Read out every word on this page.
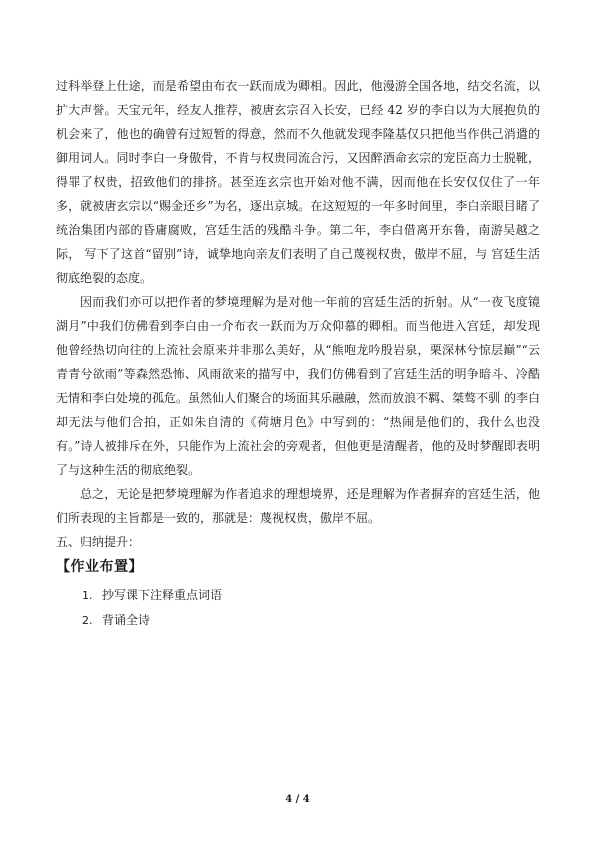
过科举登上仕途，而是希望由布衣一跃而成为卿相。因此，他漫游全国各地，结交名流，以扩大声誉。天宝元年，经友人推荐，被唐玄宗召入长安，已经 42 岁的李白以为大展抱负的机会来了，他也的确曾有过短暂的得意，然而不久他就发现李隆基仅只把他当作供己消遣的御用词人。同时李白一身傲骨，不肯与权贵同流合污，又因醉酒命玄宗的宠臣高力士脱靴，得罪了权贵，招致他们的排挤。甚至连玄宗也开始对他不满，因而他在长安仅仅住了一年多，就被唐玄宗以“赐金还乡”为名，逐出京城。在这短短的一年多时间里，李白亲眼目睹了统治集团内部的昏庸腐败，宫廷生活的残酷斗争。第二年，李白借离开东鲁，南游吴越之际， 写下了这首“留别”诗，诚挚地向亲友们表明了自己蔑视权贵，傲岸不屈，与 宫廷生活彻底绝裂的态度。

因而我们亦可以把作者的梦境理解为是对他一年前的宫廷生活的折射。从“一夜飞度镜湖月”中我们仿佛看到李白由一介布衣一跃而为万众仰慕的卿相。而当他进入宫廷，却发现他曾经热切向往的上流社会原来并非那么美好，从“熊咆龙吟殷岩泉，栗深林兮惊层巅”“云青青兮欲雨”等森然恐怖、风雨欲来的描写中，我们仿佛看到了宫廷生活的明争暗斗、冷酷无情和李白处境的孤危。虽然仙人们聚合的场面其乐融融，然而放浪不羁、桀骜不驯 的李白却无法与他们合拍，正如朱自清的《荷塘月色》中写到的：“热闹是他们的，我什么也没有。”诗人被排斥在外，只能作为上流社会的旁观者，但他更是清醒者，他的及时梦醒即表明了与这种生活的彻底绝裂。

总之，无论是把梦境理解为作者追求的理想境界，还是理解为作者摒弃的宫廷生活，他们所表现的主旨都是一致的，那就是：蔑视权贵，傲岸不屈。

五、归纳提升：

【作业布置】
1. 抄写课下注释重点词语
2. 背诵全诗
4 / 4
